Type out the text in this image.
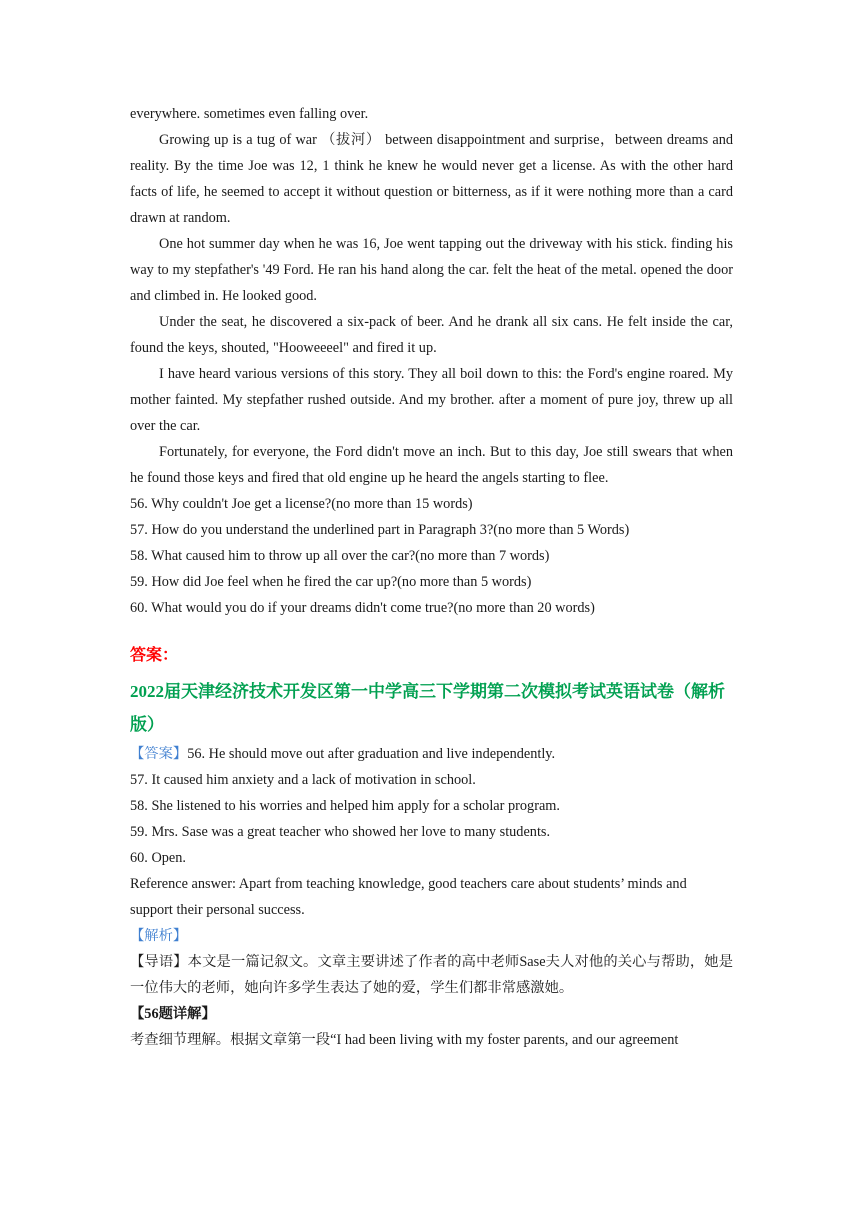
everywhere. sometimes even falling over.

Growing up is a tug of war （拔河） between disappointment and surprise，between dreams and reality. By the time Joe was 12, 1 think he knew he would never get a license. As with the other hard facts of life, he seemed to accept it without question or bitterness, as if it were nothing more than a card drawn at random.

One hot summer day when he was 16, Joe went tapping out the driveway with his stick. finding his way to my stepfather's '49 Ford. He ran his hand along the car. felt the heat of the metal. opened the door and climbed in. He looked good.

Under the seat, he discovered a six-pack of beer. And he drank all six cans. He felt inside the car, found the keys, shouted, "Hooweeeel" and fired it up.

I have heard various versions of this story. They all boil down to this: the Ford's engine roared. My mother fainted. My stepfather rushed outside. And my brother. after a moment of pure joy, threw up all over the car.

Fortunately, for everyone, the Ford didn't move an inch. But to this day, Joe still swears that when he found those keys and fired that old engine up he heard the angels starting to flee.

56. Why couldn't Joe get a license?(no more than 15 words)

57. How do you understand the underlined part in Paragraph 3?(no more than 5 Words)

58. What caused him to throw up all over the car?(no more than 7 words)

59. How did Joe feel when he fired the car up?(no more than 5 words)

60. What would you do if your dreams didn't come true?(no more than 20 words)

答案：

2022届天津经济技术开发区第一中学高三下学期第二次模拟考试英语试卷（解析版）

【答案】56. He should move out after graduation and live independently.

57. It caused him anxiety and a lack of motivation in school.

58. She listened to his worries and helped him apply for a scholar program.

59. Mrs. Sase was a great teacher who showed her love to many students.

60. Open.

Reference answer: Apart from teaching knowledge, good teachers care about students’ minds and support their personal success.

【解析】

【导语】本文是一篇记叙文。文章主要讲述了作者的高中老师Sase夫人对他的关心与帮助，她是一位伟大的老师，她向许多学生表达了她的爱，学生们都非常感激她。

【56题详解】

考查细节理解。根据文章第一段“I had been living with my foster parents, and our agreement
